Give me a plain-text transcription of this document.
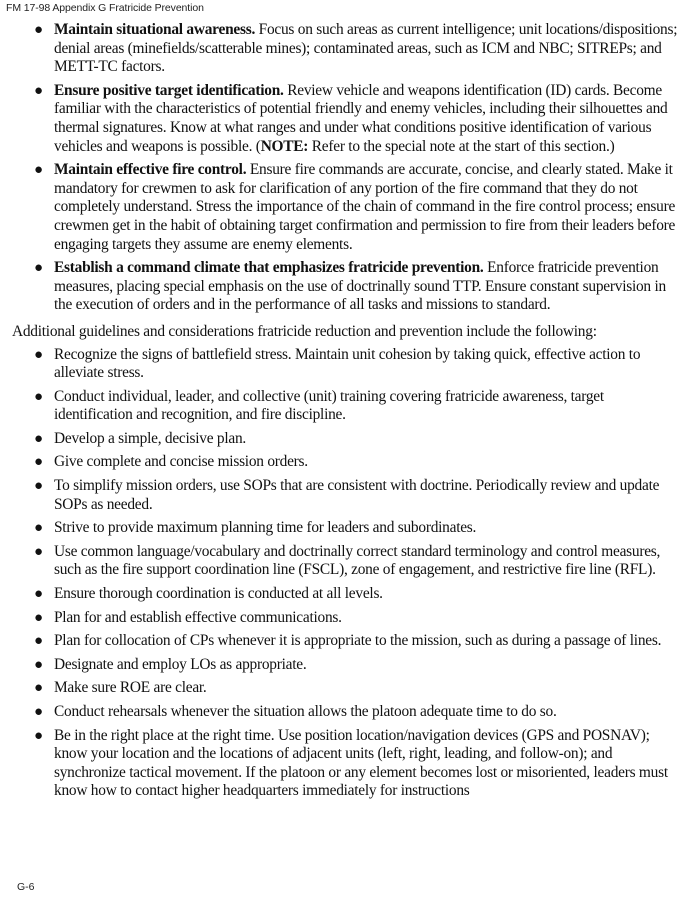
FM 17-98 Appendix G Fratricide Prevention
● Maintain situational awareness. Focus on such areas as current intelligence; unit locations/dispositions; denial areas (minefields/scatterable mines); contaminated areas, such as ICM and NBC; SITREPs; and METT-TC factors.
● Ensure positive target identification. Review vehicle and weapons identification (ID) cards. Become familiar with the characteristics of potential friendly and enemy vehicles, including their silhouettes and thermal signatures. Know at what ranges and under what conditions positive identification of various vehicles and weapons is possible. (NOTE: Refer to the special note at the start of this section.)
● Maintain effective fire control. Ensure fire commands are accurate, concise, and clearly stated. Make it mandatory for crewmen to ask for clarification of any portion of the fire command that they do not completely understand. Stress the importance of the chain of command in the fire control process; ensure crewmen get in the habit of obtaining target confirmation and permission to fire from their leaders before engaging targets they assume are enemy elements.
● Establish a command climate that emphasizes fratricide prevention. Enforce fratricide prevention measures, placing special emphasis on the use of doctrinally sound TTP. Ensure constant supervision in the execution of orders and in the performance of all tasks and missions to standard.

Additional guidelines and considerations fratricide reduction and prevention include the following:

● Recognize the signs of battlefield stress. Maintain unit cohesion by taking quick, effective action to alleviate stress.
● Conduct individual, leader, and collective (unit) training covering fratricide awareness, target identification and recognition, and fire discipline.
● Develop a simple, decisive plan.
● Give complete and concise mission orders.
● To simplify mission orders, use SOPs that are consistent with doctrine. Periodically review and update SOPs as needed.
● Strive to provide maximum planning time for leaders and subordinates.
● Use common language/vocabulary and doctrinally correct standard terminology and control measures, such as the fire support coordination line (FSCL), zone of engagement, and restrictive fire line (RFL).
● Ensure thorough coordination is conducted at all levels.
● Plan for and establish effective communications.
● Plan for collocation of CPs whenever it is appropriate to the mission, such as during a passage of lines.
● Designate and employ LOs as appropriate.
● Make sure ROE are clear.
● Conduct rehearsals whenever the situation allows the platoon adequate time to do so.
● Be in the right place at the right time. Use position location/navigation devices (GPS and POSNAV); know your location and the locations of adjacent units (left, right, leading, and follow-on); and synchronize tactical movement. If the platoon or any element becomes lost or misoriented, leaders must know how to contact higher headquarters immediately for instructions
G-6
